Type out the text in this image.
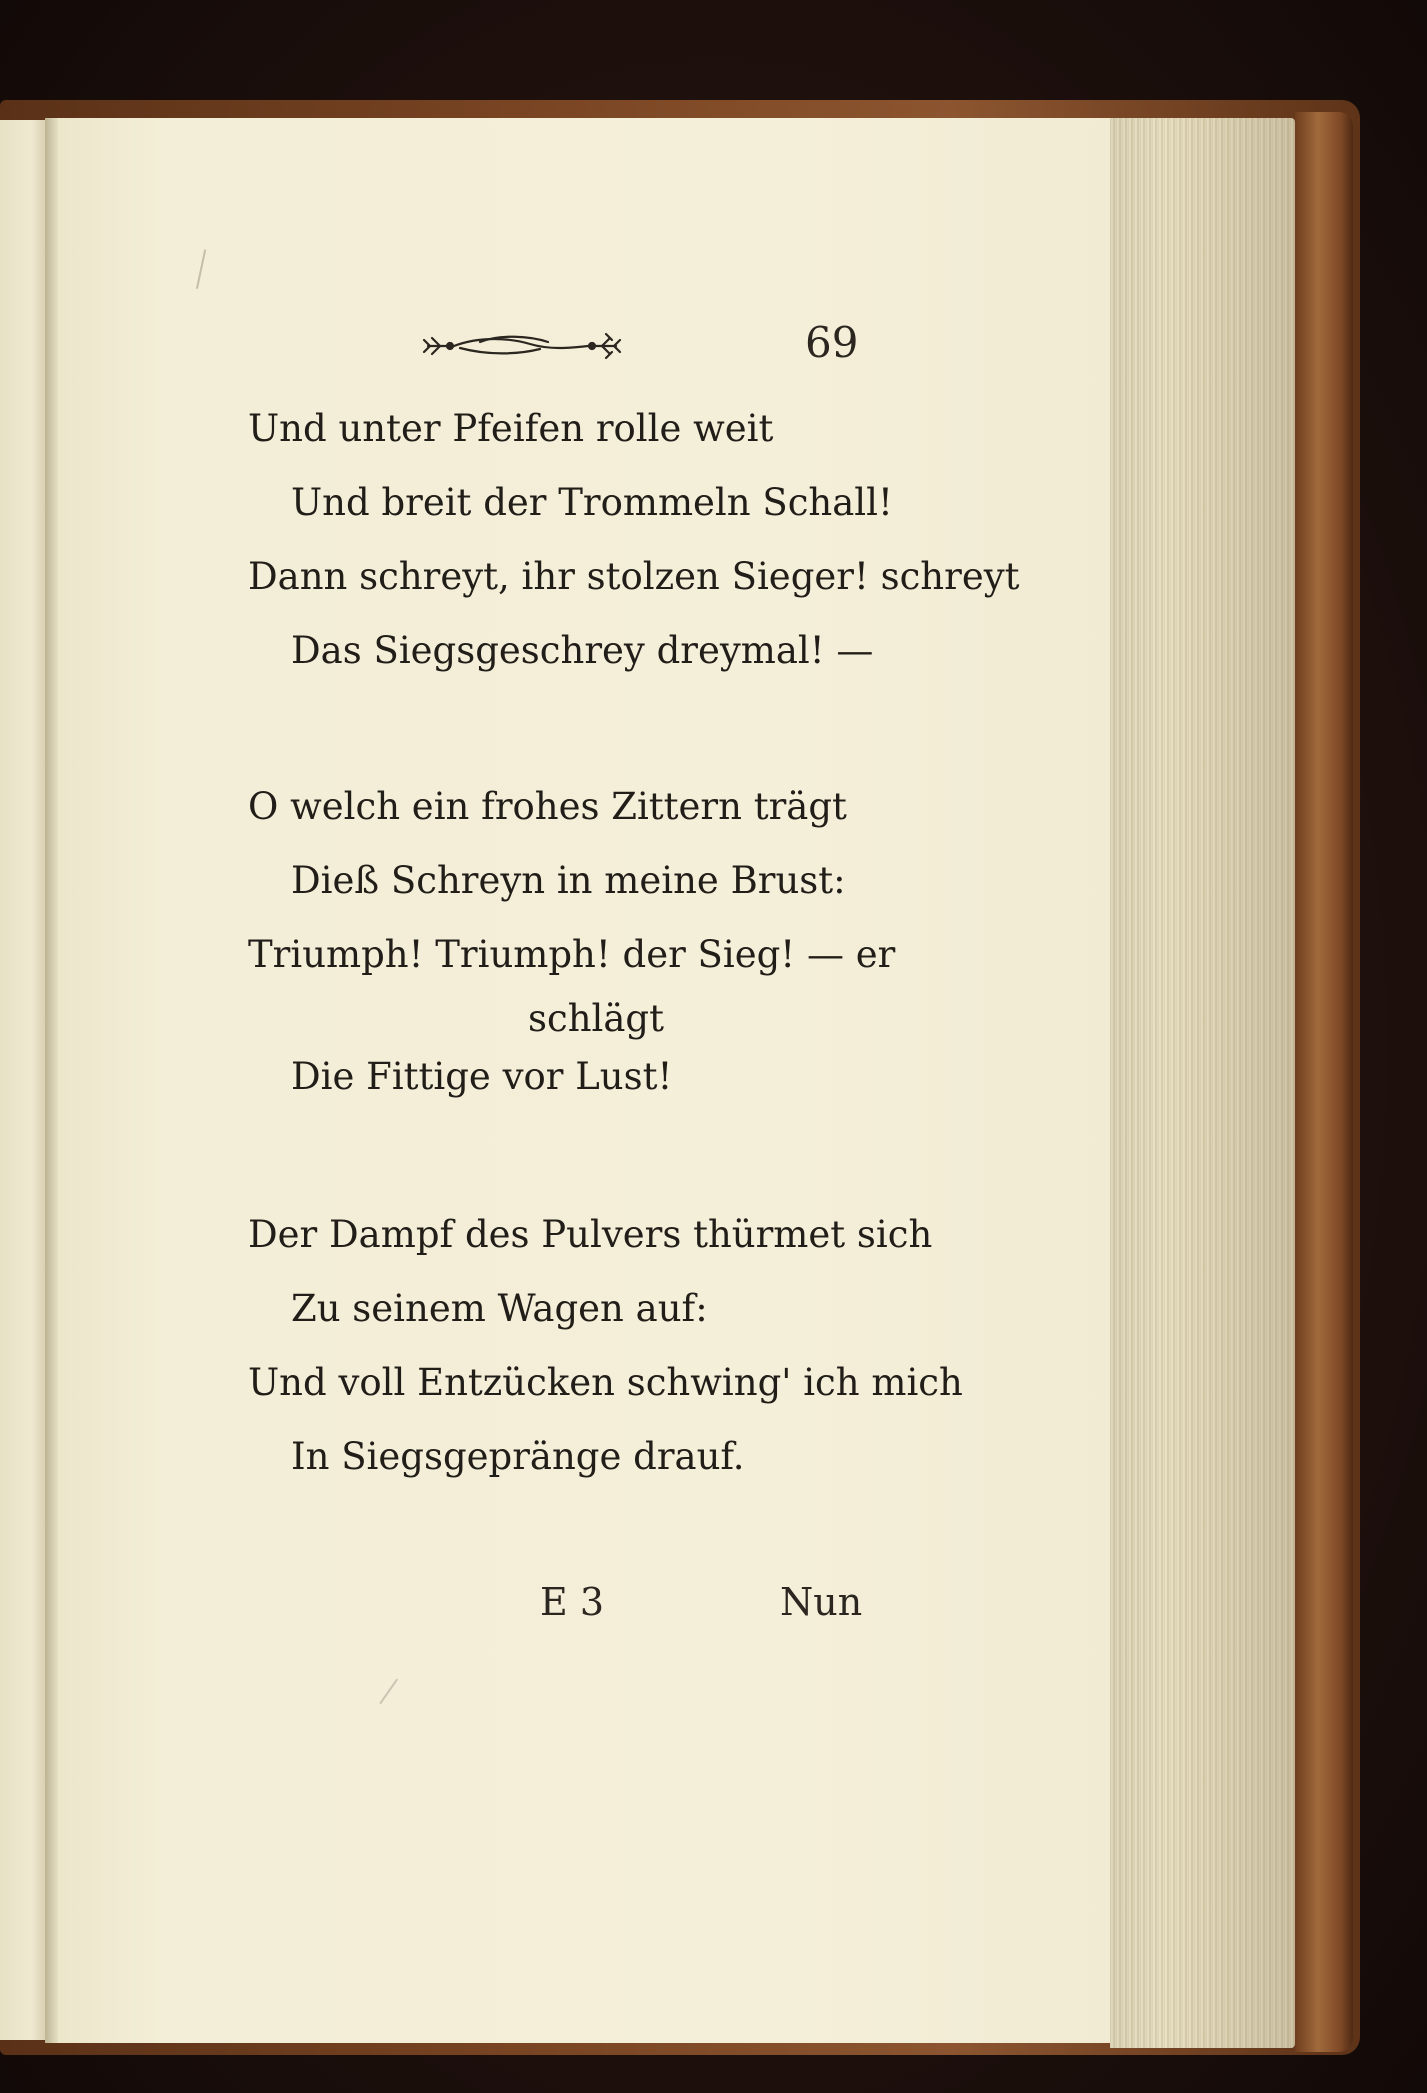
69
Und unter Pfeifen rolle weit
Und breit der Trommeln Schall!
Dann schreyt, ihr stolzen Sieger! schreyt
Das Siegsgeschrey dreymal! —
O welch ein frohes Zittern trägt
Dieß Schreyn in meine Brust:
Triumph! Triumph! der Sieg! — er
schlägt
Die Fittige vor Lust!
Der Dampf des Pulvers thürmet sich
Zu seinem Wagen auf:
Und voll Entzücken schwing' ich mich
In Siegsgepränge drauf.
E 3	Nun
